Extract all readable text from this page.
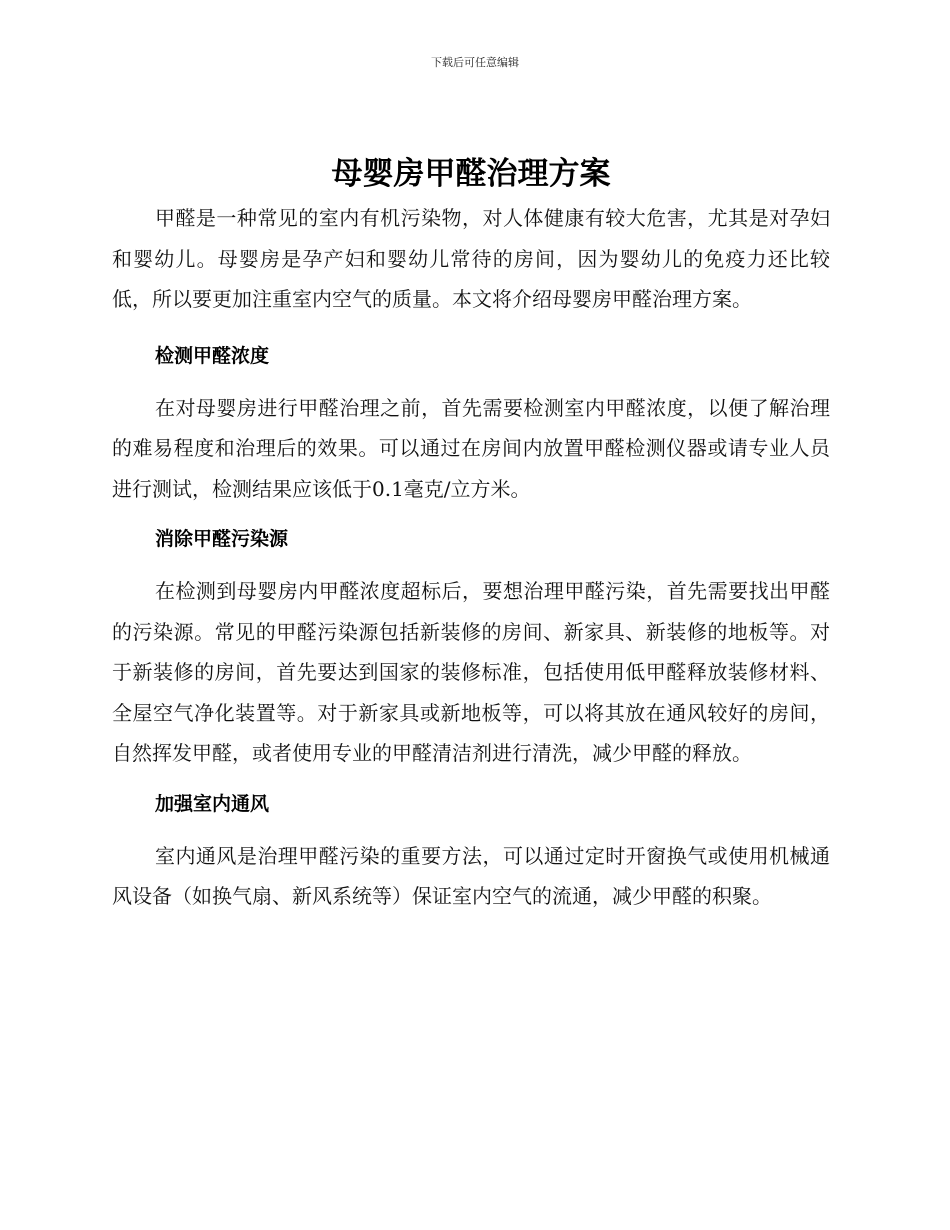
下载后可任意编辑
母婴房甲醛治理方案

甲醛是一种常见的室内有机污染物，对人体健康有较大危害，尤其是对孕妇和婴幼儿。母婴房是孕产妇和婴幼儿常待的房间，因为婴幼儿的免疫力还比较低，所以要更加注重室内空气的质量。本文将介绍母婴房甲醛治理方案。

检测甲醛浓度

在对母婴房进行甲醛治理之前，首先需要检测室内甲醛浓度，以便了解治理的难易程度和治理后的效果。可以通过在房间内放置甲醛检测仪器或请专业人员进行测试，检测结果应该低于0.1毫克/立方米。

消除甲醛污染源

在检测到母婴房内甲醛浓度超标后，要想治理甲醛污染，首先需要找出甲醛的污染源。常见的甲醛污染源包括新装修的房间、新家具、新装修的地板等。对于新装修的房间，首先要达到国家的装修标准，包括使用低甲醛释放装修材料、全屋空气净化装置等。对于新家具或新地板等，可以将其放在通风较好的房间，自然挥发甲醛，或者使用专业的甲醛清洁剂进行清洗，减少甲醛的释放。

加强室内通风

室内通风是治理甲醛污染的重要方法，可以通过定时开窗换气或使用机械通风设备（如换气扇、新风系统等）保证室内空气的流通，减少甲醛的积聚。
